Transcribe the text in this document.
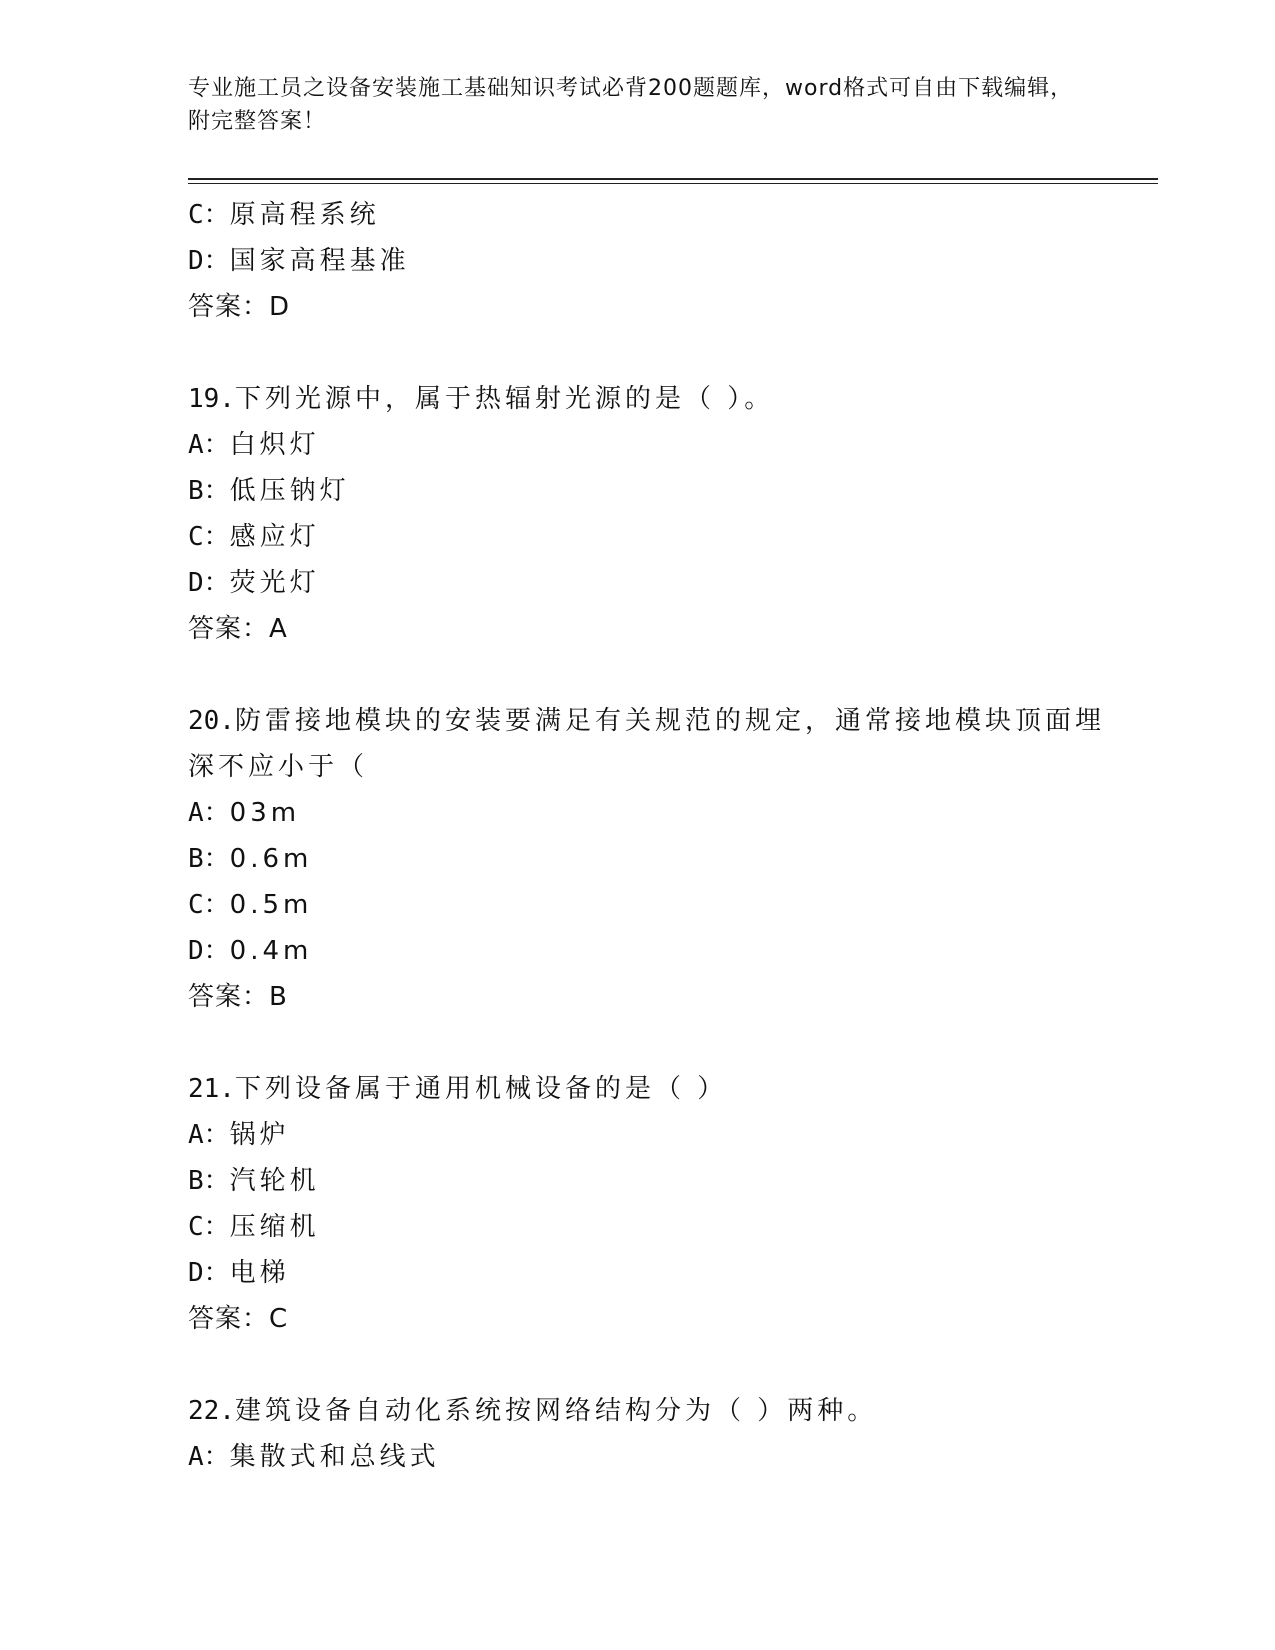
专业施工员之设备安装施工基础知识考试必背200题题库，word格式可自由下载编辑，附完整答案！
C：原高程系统
D：国家高程基准
答案：D
19.下列光源中，属于热辐射光源的是（ ）。
A：白炽灯
B：低压钠灯
C：感应灯
D：荧光灯
答案：A
20.防雷接地模块的安装要满足有关规范的规定，通常接地模块顶面埋深不应小于（
A：03m
B：0.6m
C：0.5m
D：0.4m
答案：B
21.下列设备属于通用机械设备的是（ ）
A：锅炉
B：汽轮机
C：压缩机
D：电梯
答案：C
22.建筑设备自动化系统按网络结构分为（ ）两种。
A：集散式和总线式
